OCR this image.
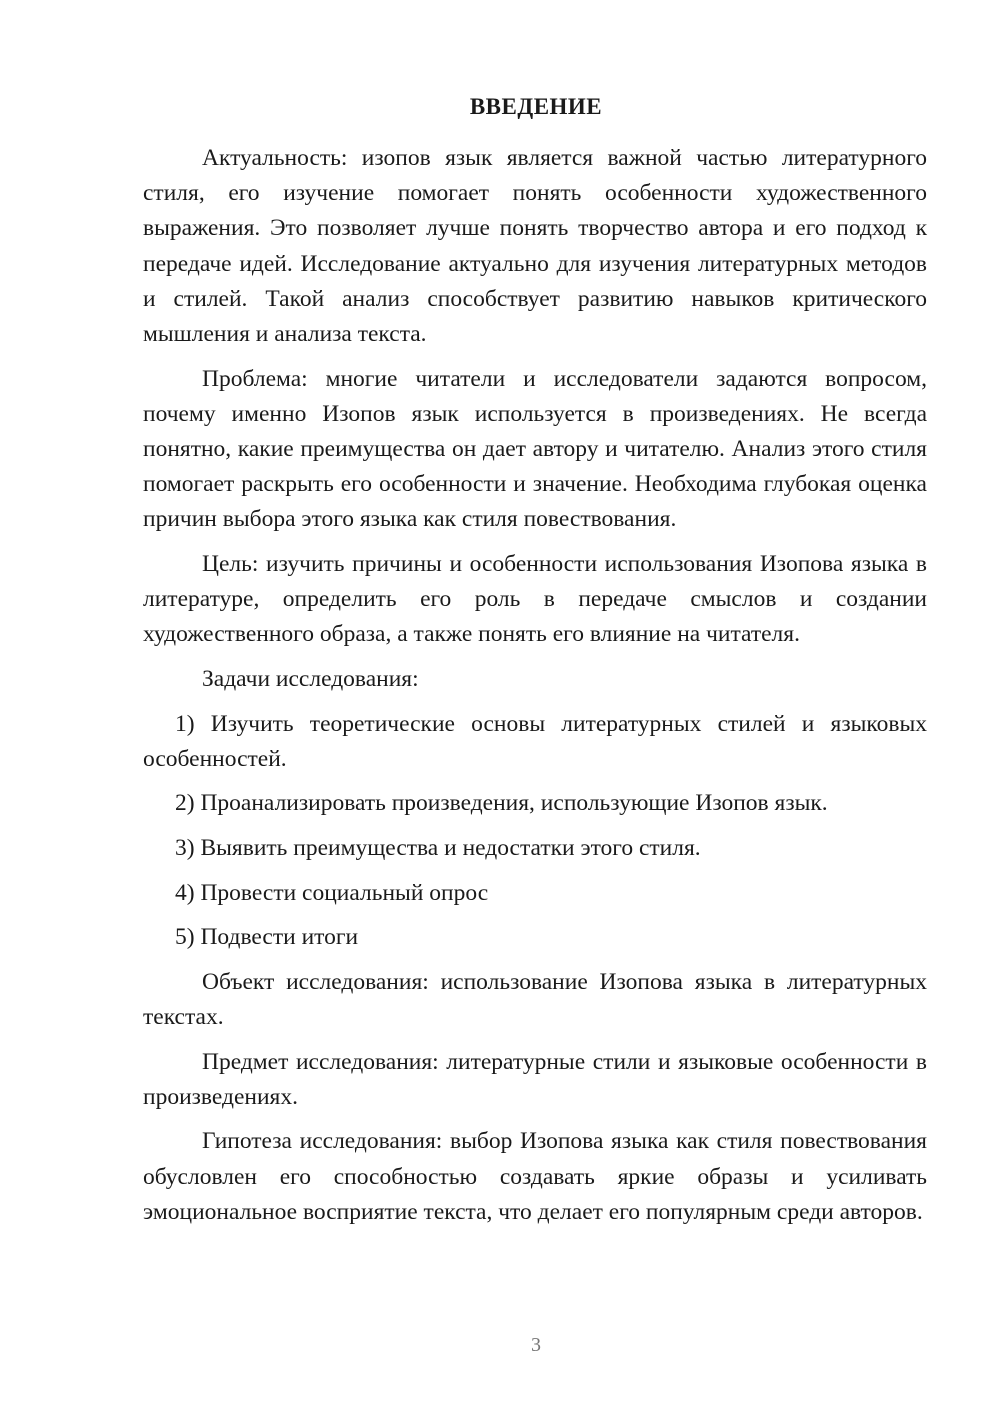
ВВЕДЕНИЕ

Актуальность: изопов язык является важной частью литературного стиля, его изучение помогает понять особенности художественного выражения. Это позволяет лучше понять творчество автора и его подход к передаче идей. Исследование актуально для изучения литературных методов и стилей. Такой анализ способствует развитию навыков критического мышления и анализа текста.

Проблема: многие читатели и исследователи задаются вопросом, почему именно Изопов язык используется в произведениях. Не всегда понятно, какие преимущества он дает автору и читателю. Анализ этого стиля помогает раскрыть его особенности и значение. Необходима глубокая оценка причин выбора этого языка как стиля повествования.

Цель: изучить причины и особенности использования Изопова языка в литературе, определить его роль в передаче смыслов и создании художественного образа, а также понять его влияние на читателя.

Задачи исследования:

1) Изучить теоретические основы литературных стилей и языковых особенностей.

2) Проанализировать произведения, использующие Изопов язык.

3) Выявить преимущества и недостатки этого стиля.

4) Провести социальный опрос

5) Подвести итоги

Объект исследования: использование Изопова языка в литературных текстах.

Предмет исследования: литературные стили и языковые особенности в произведениях.

Гипотеза исследования: выбор Изопова языка как стиля повествования обусловлен его способностью создавать яркие образы и усиливать эмоциональное восприятие текста, что делает его популярным среди авторов.

3
